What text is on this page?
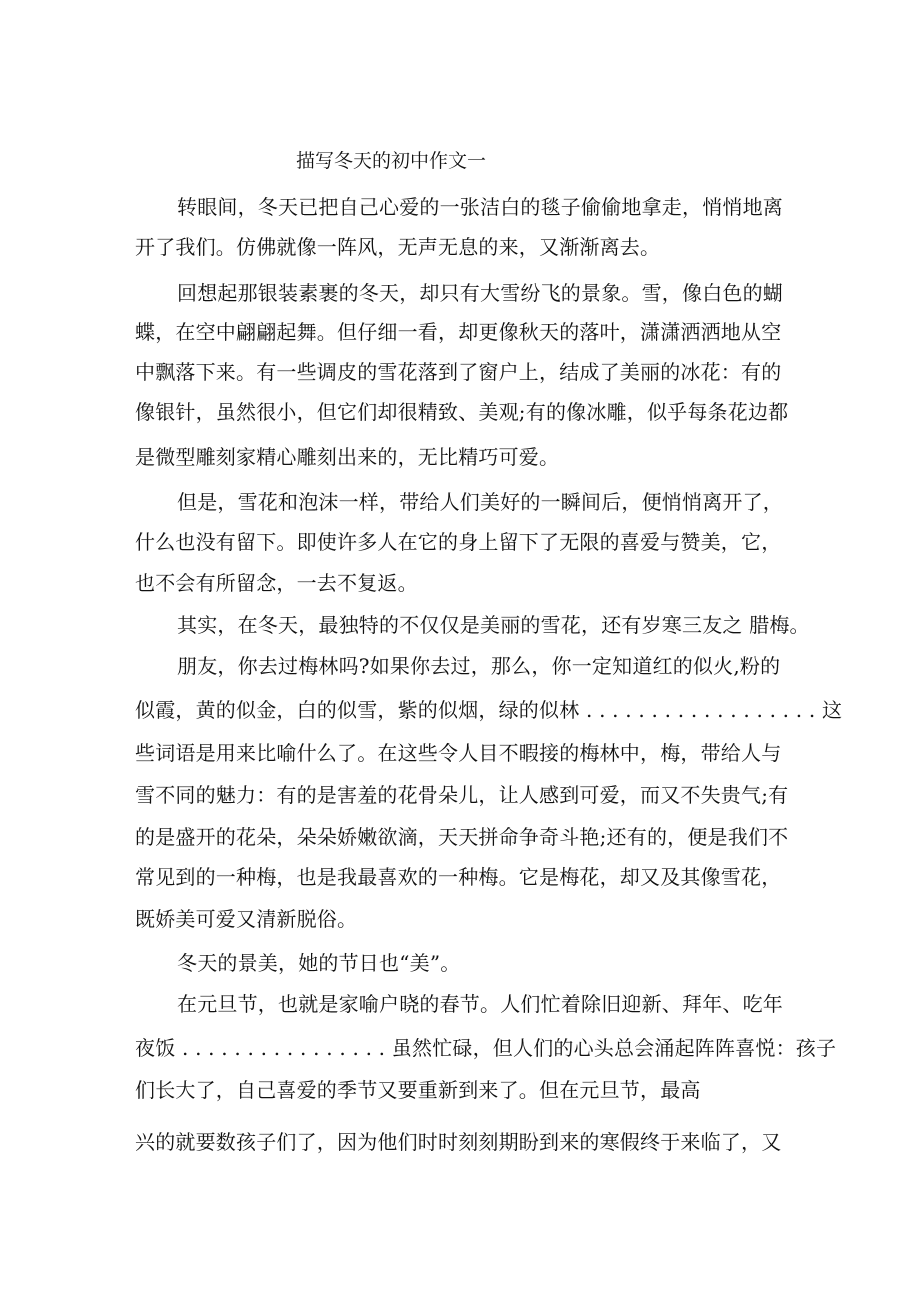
描写冬天的初中作文一
转眼间，冬天已把自己心爱的一张洁白的毯子偷偷地拿走，悄悄地离
开了我们。仿佛就像一阵风，无声无息的来，又渐渐离去。
回想起那银装素裹的冬天，却只有大雪纷飞的景象。雪，像白色的蝴
蝶，在空中翩翩起舞。但仔细一看，却更像秋天的落叶，潇潇洒洒地从空
中飘落下来。有一些调皮的雪花落到了窗户上，结成了美丽的冰花：有的
像银针，虽然很小，但它们却很精致、美观;有的像冰雕，似乎每条花边都
是微型雕刻家精心雕刻出来的，无比精巧可爱。
但是，雪花和泡沫一样，带给人们美好的一瞬间后，便悄悄离开了，
什么也没有留下。即使许多人在它的身上留下了无限的喜爱与赞美，它，
也不会有所留念，一去不复返。
其实，在冬天，最独特的不仅仅是美丽的雪花，还有岁寒三友之 腊梅。
朋友，你去过梅林吗?如果你去过，那么，你一定知道红的似火,粉的
似霞，黄的似金，白的似雪，紫的似烟，绿的似林 . . . . . . . . . . . . . . . . . . 这
些词语是用来比喻什么了。在这些令人目不暇接的梅林中，梅，带给人与
雪不同的魅力：有的是害羞的花骨朵儿，让人感到可爱，而又不失贵气;有
的是盛开的花朵，朵朵娇嫩欲滴，天天拼命争奇斗艳;还有的，便是我们不
常见到的一种梅，也是我最喜欢的一种梅。它是梅花，却又及其像雪花，
既娇美可爱又清新脱俗。
冬天的景美，她的节日也“美”。
在元旦节，也就是家喻户晓的春节。人们忙着除旧迎新、拜年、吃年
夜饭 . . . . . . . . . . . . . . . . 虽然忙碌，但人们的心头总会涌起阵阵喜悦：孩子
们长大了，自己喜爱的季节又要重新到来了。但在元旦节，最高
兴的就要数孩子们了，因为他们时时刻刻期盼到来的寒假终于来临了，又
